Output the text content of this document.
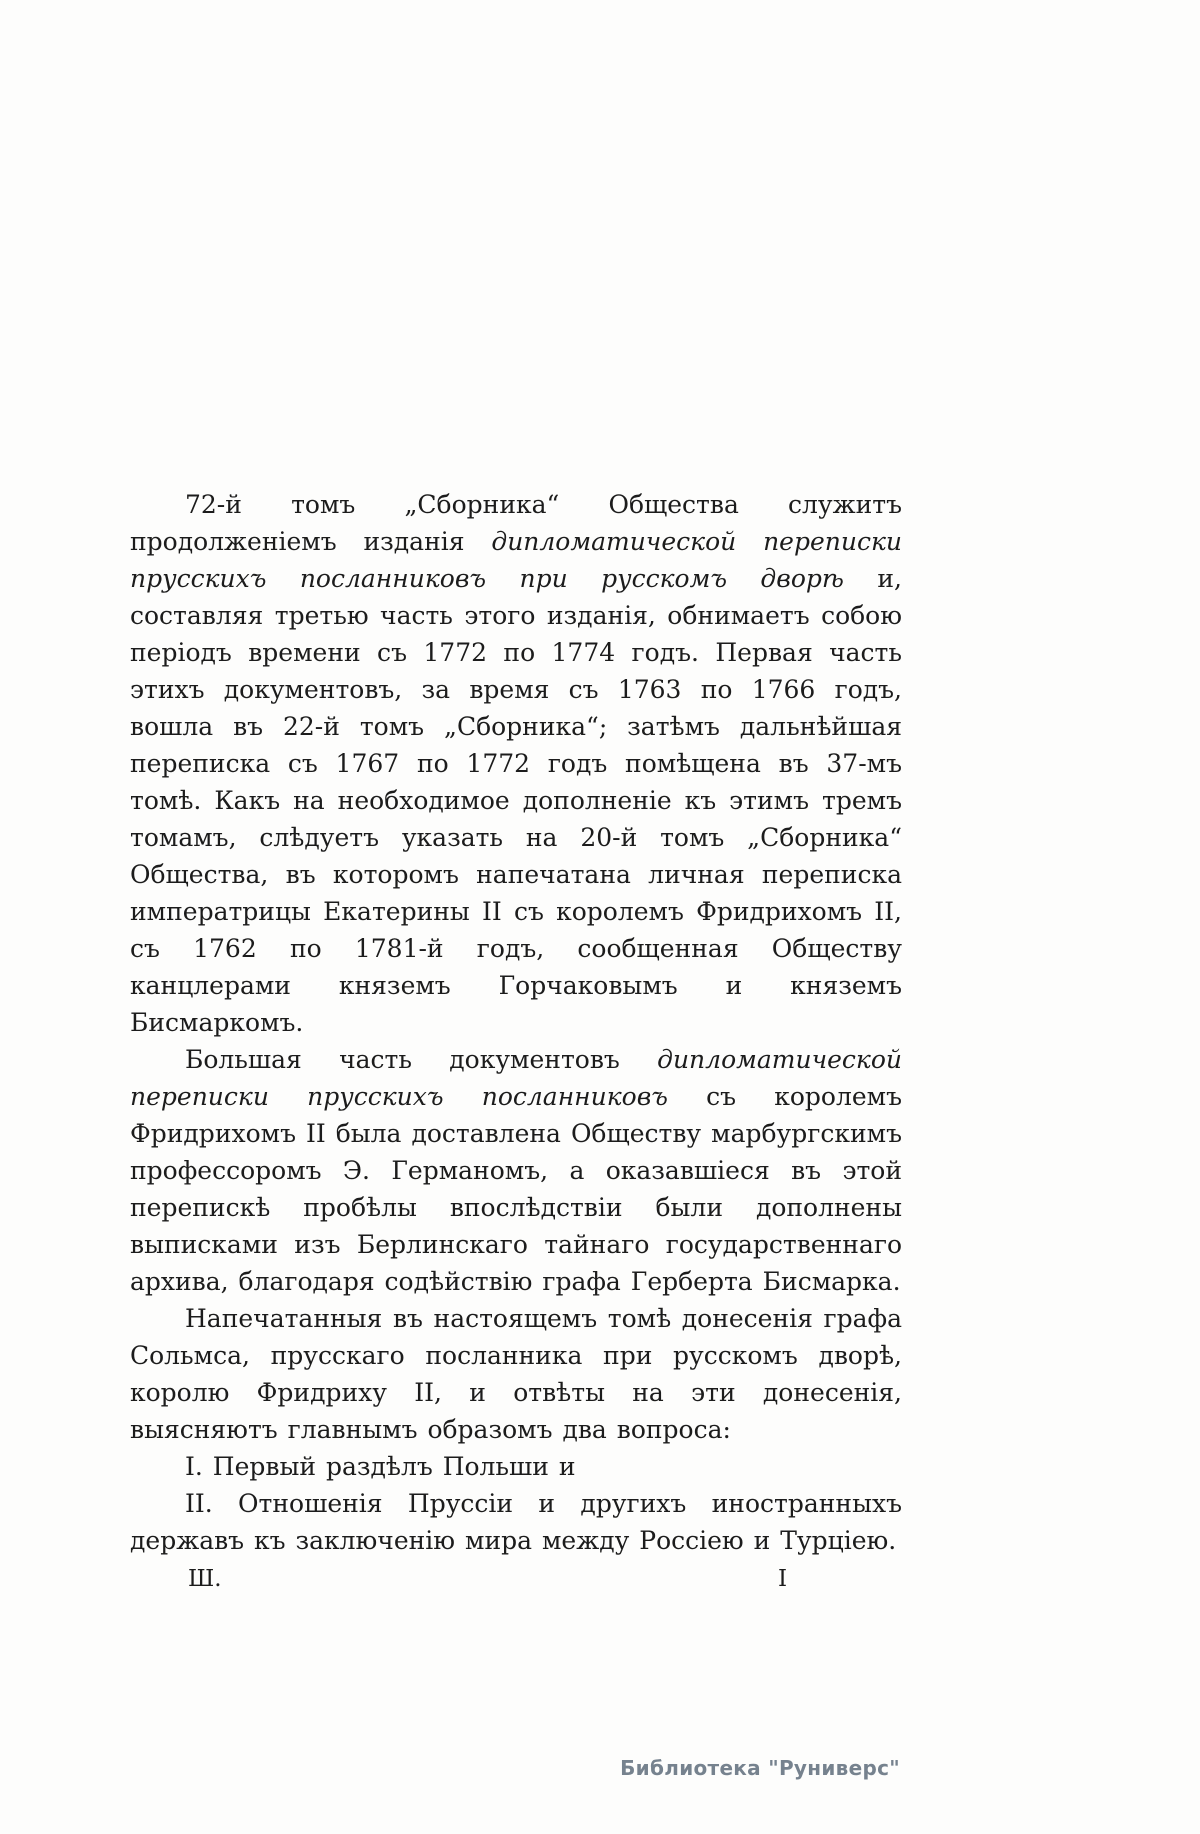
72-й томъ „Сборника“ Общества служитъ продолженіемъ изданія дипломатической переписки прусскихъ посланниковъ при русскомъ дворѣ и, составляя третью часть этого изданія, обнимаетъ собою періодъ времени съ 1772 по 1774 годъ. Первая часть этихъ документовъ, за время съ 1763 по 1766 годъ, вошла въ 22-й томъ „Сборника“; затѣмъ дальнѣйшая переписка съ 1767 по 1772 годъ помѣщена въ 37-мъ томѣ. Какъ на необходимое дополненіе къ этимъ тремъ томамъ, слѣдуетъ указать на 20-й томъ „Сборника“ Общества, въ которомъ напечатана личная переписка императрицы Екатерины II съ королемъ Фридрихомъ II, съ 1762 по 1781-й годъ, сообщенная Обществу канцлерами княземъ Горчаковымъ и княземъ Бисмаркомъ.

Большая часть документовъ дипломатической переписки прусскихъ посланниковъ съ королемъ Фридрихомъ II была доставлена Обществу марбургскимъ профессоромъ Э. Германомъ, а оказавшіеся въ этой перепискѣ пробѣлы впослѣдствіи были дополнены выписками изъ Берлинскаго тайнаго государственнаго архива, благодаря содѣйствію графа Герберта Бисмарка.

Напечатанныя въ настоящемъ томѣ донесенія графа Сольмса, прусскаго посланника при русскомъ дворѣ, королю Фридриху II, и отвѣты на эти донесенія, выясняютъ главнымъ образомъ два вопроса:

I. Первый раздѣлъ Польши и

II. Отношенія Пруссіи и другихъ иностранныхъ державъ къ заключенію мира между Россіею и Турціею.

Ш.	I
Библиотека "Руниверс"
